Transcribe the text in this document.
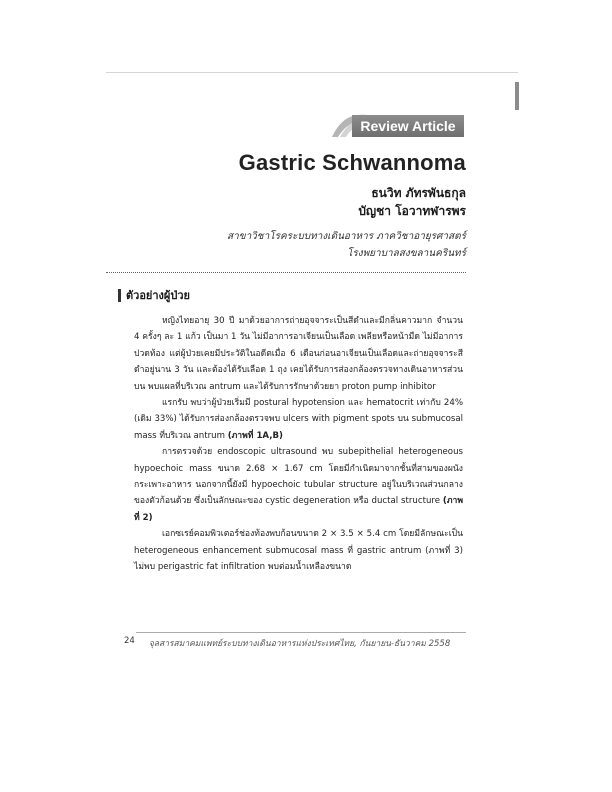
Review Article
Gastric Schwannoma
ธนวิท ภัทรพันธกุล
บัญชา โอวาทฬารพร
สาขาวิชาโรคระบบทางเดินอาหาร ภาควิชาอายุรศาสตร์
โรงพยาบาลสงขลานครินทร์
ตัวอย่างผู้ป่วย

หญิงไทยอายุ 30 ปี มาด้วยอาการถ่ายอุจจาระเป็นสีดำและมีกลิ่นคาวมาก จำนวน 4 ครั้งๆ ละ 1 แก้ว เป็นมา 1 วัน ไม่มีอาการอาเจียนเป็นเลือด เพลียหรือหน้ามืด ไม่มีอาการปวดท้อง แต่ผู้ป่วยเคยมีประวัติในอดีตเมื่อ 6 เดือนก่อนอาเจียนเป็นเลือดและถ่ายอุจจาระสีดำอยู่นาน 3 วัน และต้องได้รับเลือด 1 ถุง เคยได้รับการส่องกล้องตรวจทางเดินอาหารส่วนบน พบแผลที่บริเวณ antrum และได้รับการรักษาด้วยยา proton pump inhibitor

แรกรับ พบว่าผู้ป่วยเริ่มมี postural hypotension และ hematocrit เท่ากับ 24% (เดิม 33%) ได้รับการส่องกล้องตรวจพบ ulcers with pigment spots บน submucosal mass ที่บริเวณ antrum (ภาพที่ 1A,B)

การตรวจด้วย endoscopic ultrasound พบ subepithelial heterogeneous hypoechoic mass ขนาด 2.68 × 1.67 cm โดยมีกำเนิดมาจากชั้นที่สามของผนังกระเพาะอาหาร นอกจากนี้ยังมี hypoechoic tubular structure อยู่ในบริเวณส่วนกลางของตัวก้อนด้วย ซึ่งเป็นลักษณะของ cystic degeneration หรือ ductal structure (ภาพที่ 2)

เอกซเรย์คอมพิวเตอร์ช่องท้องพบก้อนขนาด 2 × 3.5 × 5.4 cm โดยมีลักษณะเป็น heterogeneous enhancement submucosal mass ที่ gastric antrum (ภาพที่ 3) ไม่พบ perigastric fat infiltration พบต่อมน้ำเหลืองขนาด

24 จุลสารสมาคมแพทย์ระบบทางเดินอาหารแห่งประเทศไทย, กันยายน-ธันวาคม 2558
